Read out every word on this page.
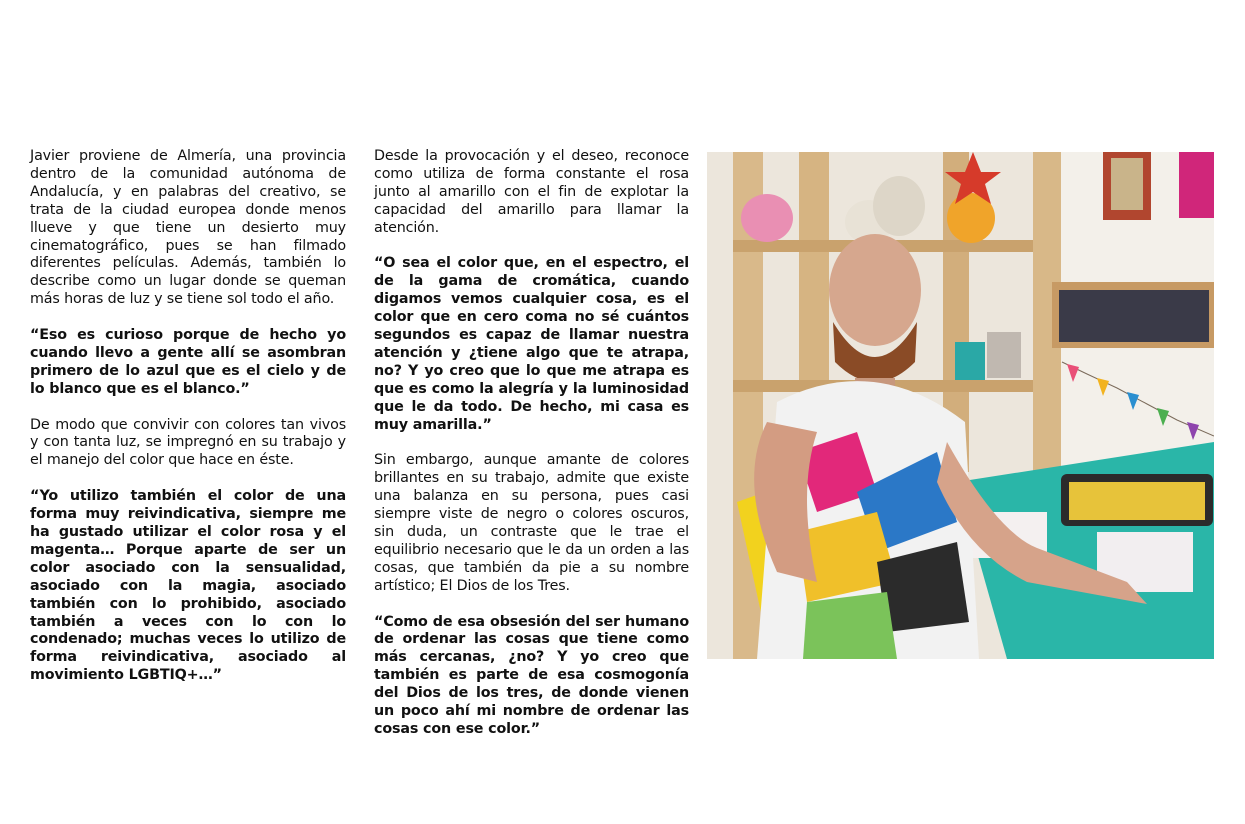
Javier proviene de Almería, una provincia dentro de la comunidad autónoma de Andalucía, y en palabras del creativo, se trata de la ciudad europea donde menos llueve y que tiene un desierto muy cinematográfico, pues se han filmado diferentes películas. Además, también lo describe como un lugar donde se queman más horas de luz y se tiene sol todo el año.

“Eso es curioso porque de hecho yo cuando llevo a gente allí se asombran primero de lo azul que es el cielo y de lo blanco que es el blanco.”

De modo que convivir con colores tan vivos y con tanta luz, se impregnó en su trabajo y el manejo del color que hace en éste.

“Yo utilizo también el color de una forma muy reivindicativa, siempre me ha gustado utilizar el color rosa y el magenta… Porque aparte de ser un color asociado con la sensualidad, asociado con la magia, asociado también con lo prohibido, asociado también a veces con lo con lo condenado; muchas veces lo utilizo de forma reivindicativa, asociado al movimiento LGBTIQ+…”

Desde la provocación y el deseo, reconoce como utiliza de forma constante el rosa junto al amarillo con el fin de explotar la capacidad del amarillo para llamar la atención.

“O sea el color que, en el espectro, el de la gama de cromática, cuando digamos vemos cualquier cosa, es el color que en cero coma no sé cuántos segundos es capaz de llamar nuestra atención y ¿tiene algo que te atrapa, no? Y yo creo que lo que me atrapa es que es como la alegría y la luminosidad que le da todo. De hecho, mi casa es muy amarilla.”

Sin embargo, aunque amante de colores brillantes en su trabajo, admite que existe una balanza en su persona, pues casi siempre viste de negro o colores oscuros, sin duda, un contraste que le trae el equilibrio necesario que le da un orden a las cosas, que también da pie a su nombre artístico; El Dios de los Tres.

“Como de esa obsesión del ser humano de ordenar las cosas que tiene como más cercanas, ¿no? Y yo creo que también es parte de esa cosmogonía del Dios de los tres, de donde vienen un poco ahí mi nombre de ordenar las cosas con ese color.”
